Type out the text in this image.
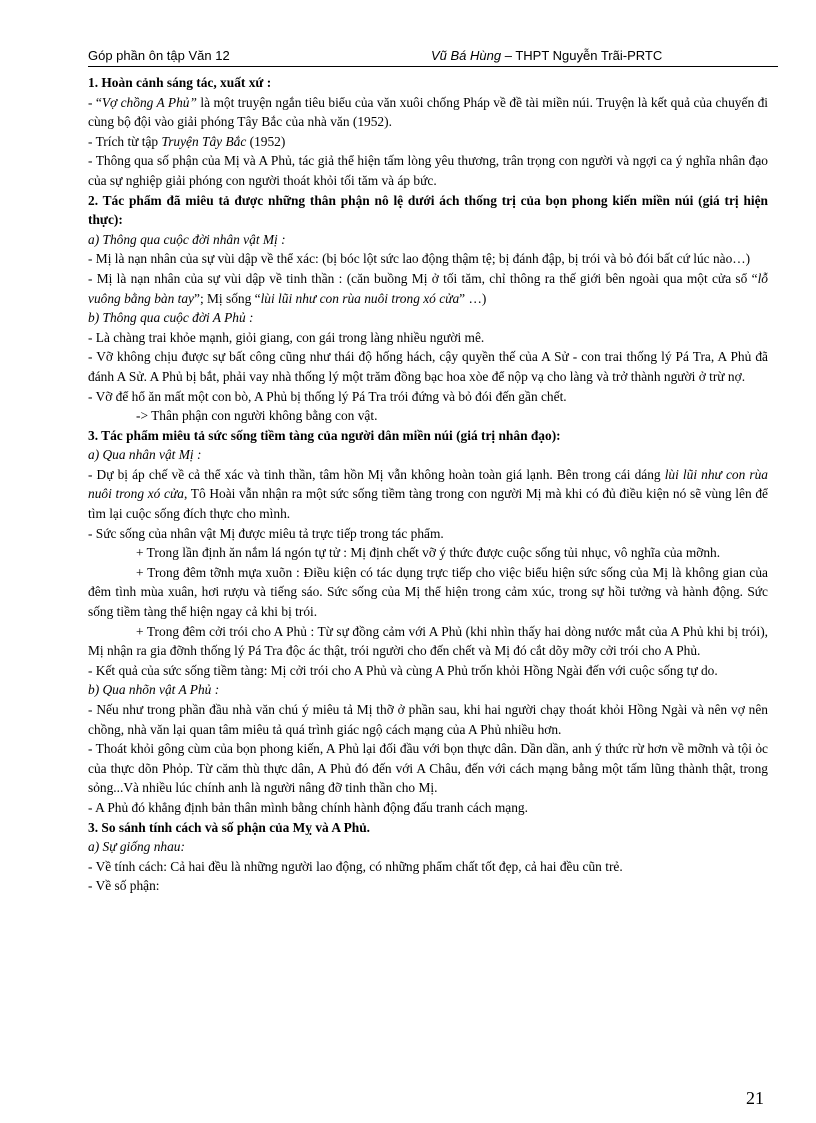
Góp phần ôn tập Văn 12	Vũ Bá Hùng – THPT Nguyễn Trãi-PRTC

1. Hoàn cảnh sáng tác, xuất xứ :

- “Vợ chồng A Phủ” là một truyện ngắn tiêu biểu của văn xuôi chống Pháp về đề tài miền núi. Truyện là kết quả của chuyến đi cùng bộ đội vào giải phóng Tây Bắc của nhà văn (1952).

- Trích từ tập Truyện Tây Bắc (1952)

- Thông qua số phận của Mị và A Phủ, tác giả thể hiện tấm lòng yêu thương, trân trọng con người và ngợi ca ý nghĩa nhân đạo của sự nghiệp giải phóng con người thoát khỏi tối tăm và áp bức.

2. Tác phẩm đã miêu tả được những thân phận nô lệ dưới ách thống trị của bọn phong kiến miền núi (giá trị hiện thực):

a) Thông qua cuộc đời nhân vật Mị :

- Mị là nạn nhân của sự vùi dập về thể xác: (bị bóc lột sức lao động thậm tệ; bị đánh đập, bị trói và bỏ đói bất cứ lúc nào…)

- Mị là nạn nhân của sự vùi dập về tinh thần : (căn buồng Mị ở tối tăm, chỉ thông ra thế giới bên ngoài qua một cửa sổ “lỗ vuông bằng bàn tay”; Mị sống “lùi lũi như con rùa nuôi trong xó cửa” …)

b) Thông qua cuộc đời A Phủ :

- Là chàng trai khỏe mạnh, giỏi giang, con gái trong làng nhiều người mê.

- Vỡ không chịu được sự bất công cũng như thái độ hống hách, cậy quyền thế của A Sử - con trai thống lý Pá Tra, A Phủ đã đánh A Sử. A Phủ bị bắt, phải vay nhà thống lý một trăm đồng bạc hoa xòe để nộp vạ cho làng và trở thành người ở trừ nợ.

- Vỡ để hổ ăn mất một con bò, A Phủ bị thống lý Pá Tra trói đứng và bỏ đói đến gần chết.

-> Thân phận con người không bằng con vật.

3. Tác phẩm miêu tả sức sống tiềm tàng của người dân miền núi (giá trị nhân đạo):

a) Qua nhân vật Mị :

- Dự bị áp chế về cả thể xác và tinh thần, tâm hồn Mị vẫn không hoàn toàn giá lạnh. Bên trong cái dáng lùi lũi như con rùa nuôi trong xó cửa, Tô Hoài vẫn nhận ra một sức sống tiềm tàng trong con người Mị mà khi có đủ điều kiện nó sẽ vùng lên để tìm lại cuộc sống đích thực cho mình.

- Sức sống của nhân vật Mị được miêu tả trực tiếp trong tác phẩm.

+ Trong lần định ăn nắm lá ngón tự tử : Mị định chết vỡ ý thức được cuộc sống tủi nhục, vô nghĩa của mỡnh.

+ Trong đêm tỡnh mựa xuõn : Điều kiện có tác dụng trực tiếp cho việc biểu hiện sức sống của Mị là không gian của đêm tình mùa xuân, hơi rượu và tiếng sáo. Sức sống của Mị thể hiện trong cảm xúc, trong sự hồi tưởng và hành động. Sức sống tiềm tàng thể hiện ngay cả khi bị trói.

+ Trong đêm cởi trói cho A Phủ : Từ sự đồng cảm với A Phủ (khi nhìn thấy hai dòng nước mắt của A Phủ khi bị trói), Mị nhận ra gia đỡnh thống lý Pá Tra độc ác thật, trói người cho đến chết và Mị đó cắt dõy mỡy cởi trói cho A Phủ.

- Kết quả của sức sống tiềm tàng: Mị cởi trói cho A Phủ và cùng A Phủ trốn khỏi Hồng Ngài đến với cuộc sống tự do.

b) Qua nhõn vật A Phủ :

- Nếu như trong phần đầu nhà văn chú ý miêu tả Mị thỡ ở phần sau, khi hai người chạy thoát khỏi Hồng Ngài và nên vợ nên chồng, nhà văn lại quan tâm miêu tả quá trình giác ngộ cách mạng của A Phủ nhiều hơn.

- Thoát khỏi gông cùm của bọn phong kiến, A Phủ lại đối đầu với bọn thực dân. Dần dần, anh ý thức rừ hơn về mỡnh và tội ỏc của thực dõn Phỏp. Từ căm thù thực dân, A Phủ đó đến với A Châu, đến với cách mạng bằng một tấm lũng thành thật, trong sỏng...Và nhiều lúc chính anh là người nâng đỡ tinh thần cho Mị.

- A Phủ đó khẳng định bản thân mình bằng chính hành động đấu tranh cách mạng.

3. So sánh tính cách và số phận của Mỵ và A Phủ.

a) Sự giống nhau:

- Về tính cách: Cả hai đều là những người lao động, có những phẩm chất tốt đẹp, cả hai đều cũn trẻ.

- Về số phận:

21
